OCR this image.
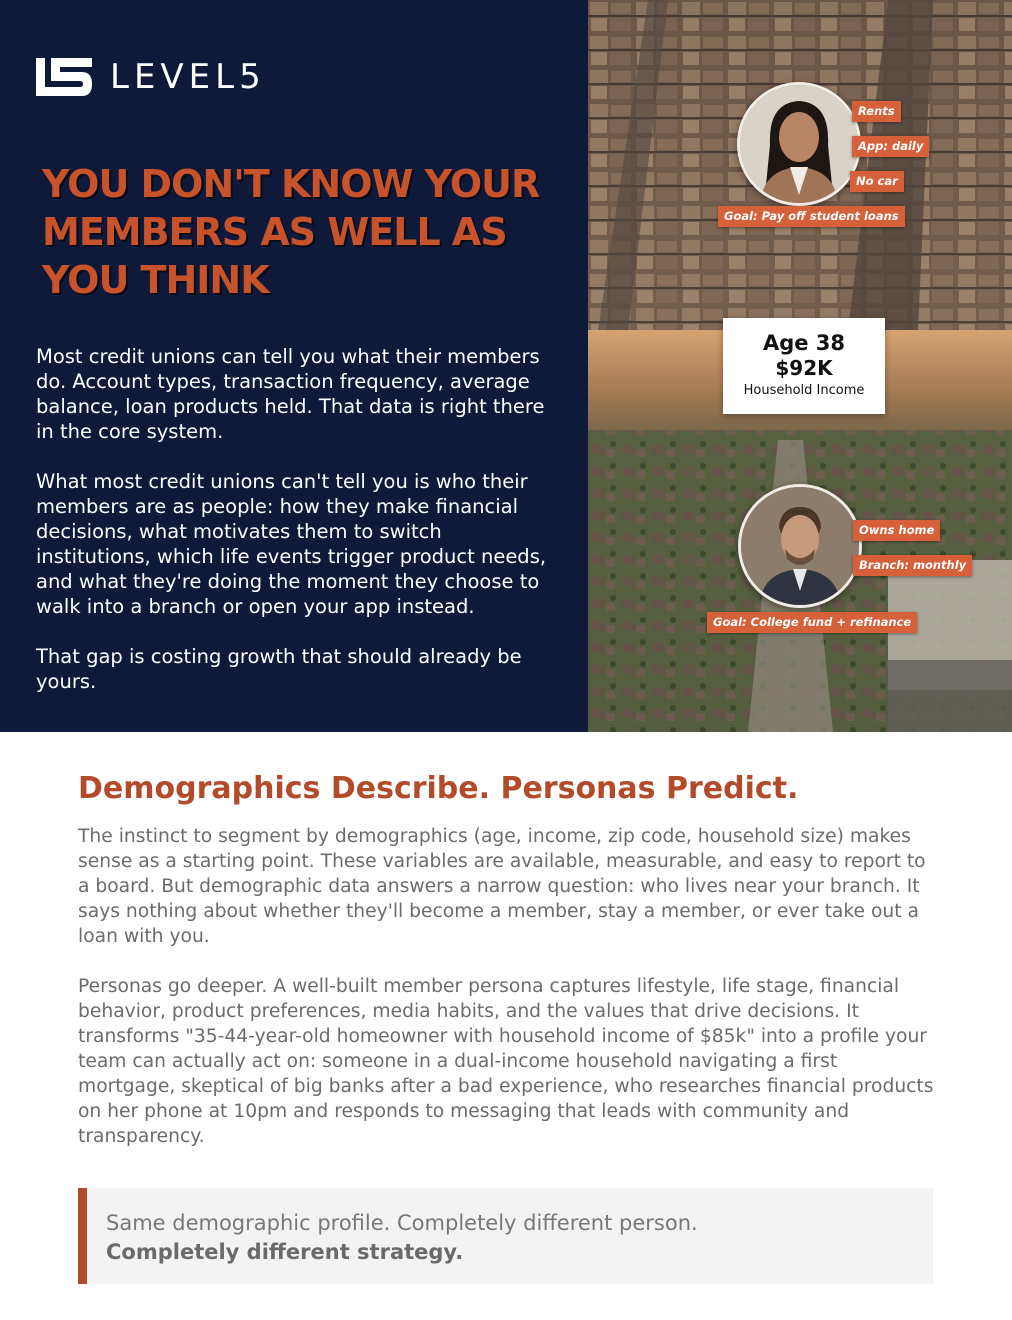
LEVEL5
YOU DON'T KNOW YOUR MEMBERS AS WELL AS YOU THINK

Most credit unions can tell you what their members do. Account types, transaction frequency, average balance, loan products held. That data is right there in the core system.

What most credit unions can't tell you is who their members are as people: how they make financial decisions, what motivates them to switch institutions, which life events trigger product needs, and what they're doing the moment they choose to walk into a branch or open your app instead.

That gap is costing growth that should already be yours.

Rents
App: daily
No car
Goal: Pay off student loans
Age 38
$92K
Household Income
Owns home
Branch: monthly
Goal: College fund + refinance
Demographics Describe. Personas Predict.

The instinct to segment by demographics (age, income, zip code, household size) makes sense as a starting point. These variables are available, measurable, and easy to report to a board. But demographic data answers a narrow question: who lives near your branch. It says nothing about whether they'll become a member, stay a member, or ever take out a loan with you.

Personas go deeper. A well-built member persona captures lifestyle, life stage, financial behavior, product preferences, media habits, and the values that drive decisions. It transforms "35-44-year-old homeowner with household income of $85k" into a profile your team can actually act on: someone in a dual-income household navigating a first mortgage, skeptical of big banks after a bad experience, who researches financial products on her phone at 10pm and responds to messaging that leads with community and transparency.

Same demographic profile. Completely different person.
Completely different strategy.
